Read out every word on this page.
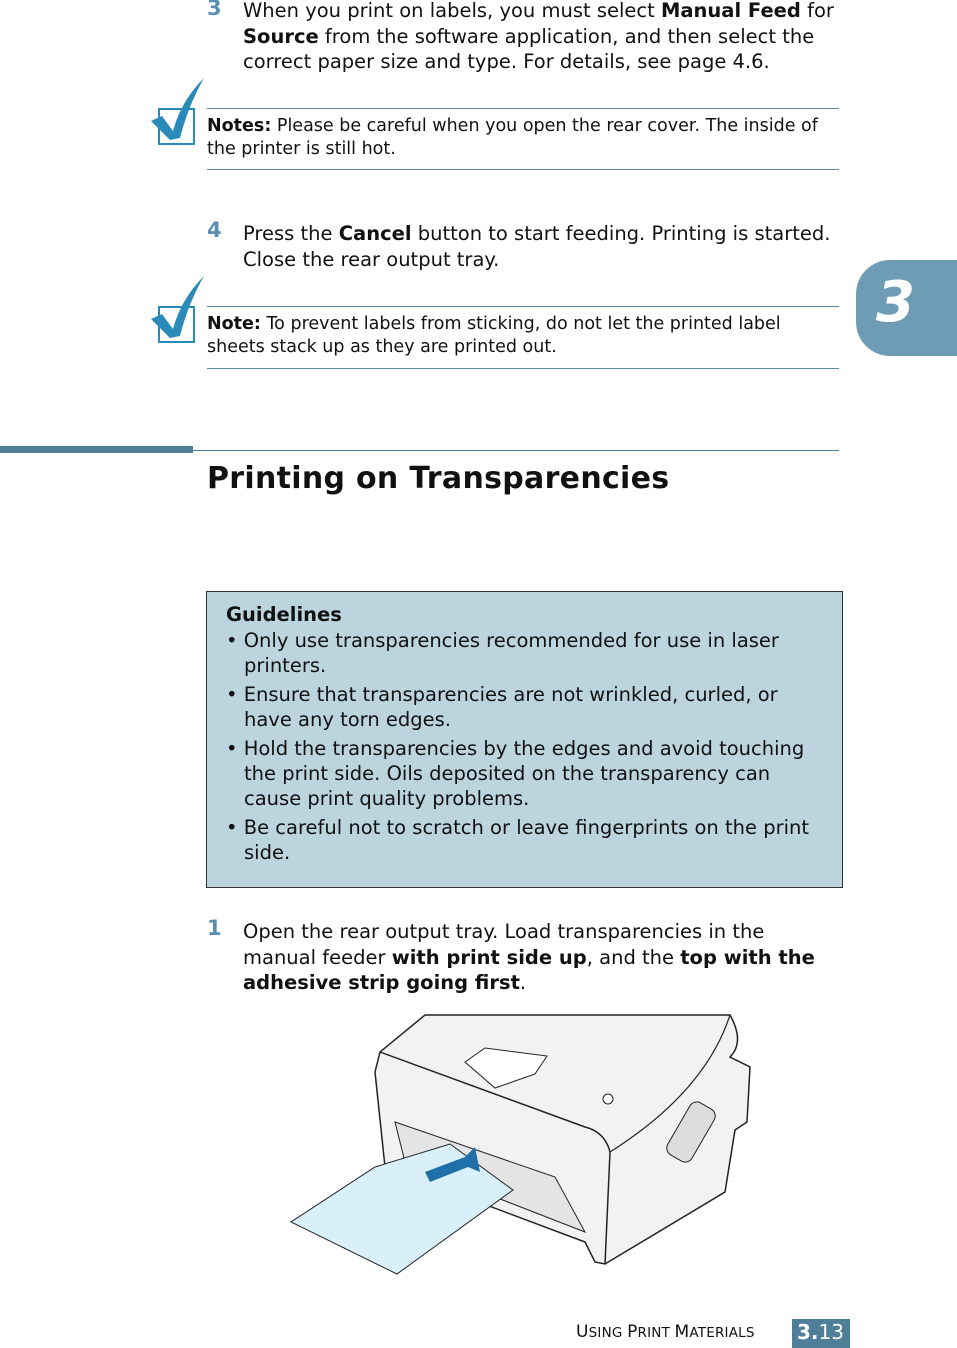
3 When you print on labels, you must select Manual Feed for Source from the software application, and then select the correct paper size and type. For details, see page 4.6.
Notes: Please be careful when you open the rear cover. The inside of the printer is still hot.
4 Press the Cancel button to start feeding. Printing is started. Close the rear output tray.
Note: To prevent labels from sticking, do not let the printed label sheets stack up as they are printed out.
3
Printing on Transparencies
Guidelines
• Only use transparencies recommended for use in laser printers.
• Ensure that transparencies are not wrinkled, curled, or have any torn edges.
• Hold the transparencies by the edges and avoid touching the print side. Oils deposited on the transparency can cause print quality problems.
• Be careful not to scratch or leave fingerprints on the print side.
1 Open the rear output tray. Load transparencies in the manual feeder with print side up, and the top with the adhesive strip going first.
USING PRINT MATERIALS 3.13
